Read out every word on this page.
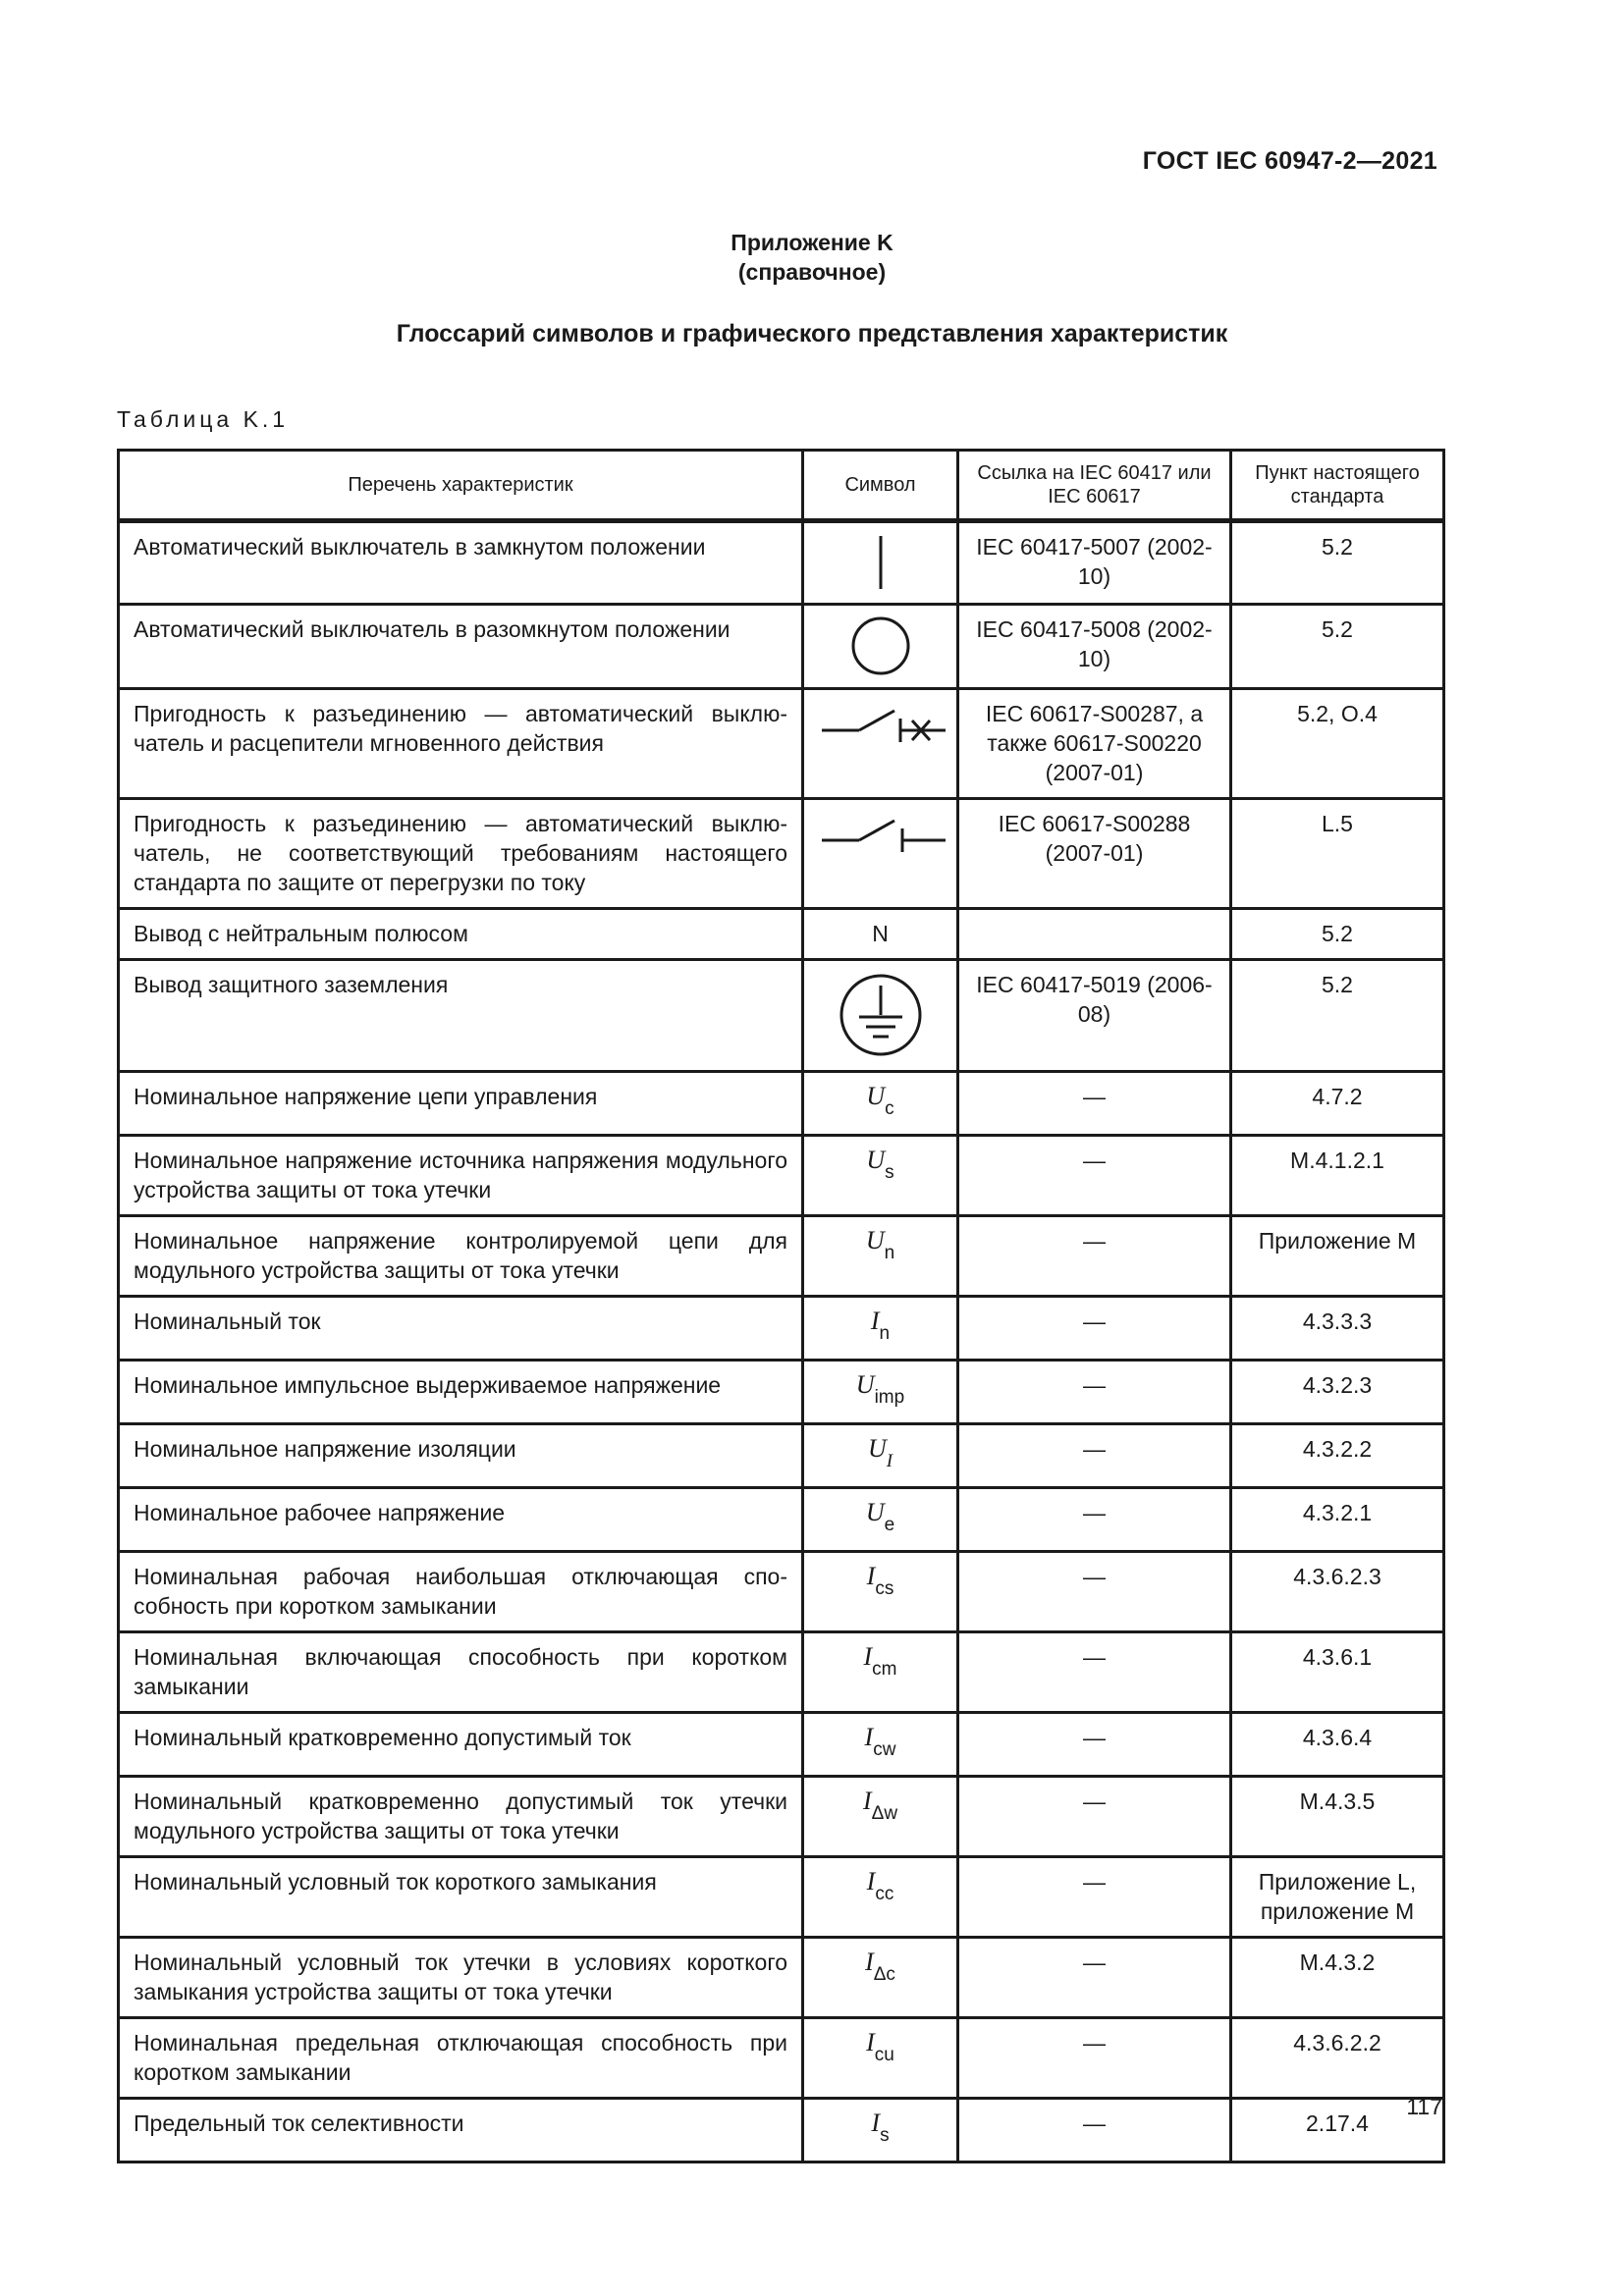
ГОСТ IEC 60947-2—2021
Приложение K
(справочное)
Глоссарий символов и графического представления характеристик
Таблица K.1
Перечень характеристик	Символ	Ссылка на IEC 60417 или IEC 60617	Пункт настоящего стандарта
Автоматический выключатель в замкнутом положении		IEC 60417-5007 (2002-10)	5.2
Автоматический выключатель в разомкнутом положении		IEC 60417-5008 (2002-10)	5.2
Пригодность к разъединению — автоматический выключатель и расцепители мгновенного действия		IEC 60617-S00287, а также 60617-S00220 (2007-01)	5.2, O.4
Пригодность к разъединению — автоматический выключатель, не соответствующий требованиям настоящего стандарта по защите от перегрузки по току		IEC 60617-S00288 (2007-01)	L.5
Вывод с нейтральным полюсом	N		5.2
Вывод защитного заземления		IEC 60417-5019 (2006-08)	5.2
Номинальное напряжение цепи управления	$U_c$	—	4.7.2
Номинальное напряжение источника напряжения модульного устройства защиты от тока утечки	$U_s$	—	M.4.1.2.1
Номинальное напряжение контролируемой цепи для модульного устройства защиты от тока утечки	$U_n$	—	Приложение M
Номинальный ток	$I_n$	—	4.3.3.3
Номинальное импульсное выдерживаемое напряжение	$U_{imp}$	—	4.3.2.3
Номинальное напряжение изоляции	$U_I$	—	4.3.2.2
Номинальное рабочее напряжение	$U_e$	—	4.3.2.1
Номинальная рабочая наибольшая отключающая способность при коротком замыкании	$I_{cs}$	—	4.3.6.2.3
Номинальная включающая способность при коротком замыкании	$I_{cm}$	—	4.3.6.1
Номинальный кратковременно допустимый ток	$I_{cw}$	—	4.3.6.4
Номинальный кратковременно допустимый ток утечки модульного устройства защиты от тока утечки	$I_{\Delta w}$	—	M.4.3.5
Номинальный условный ток короткого замыкания	$I_{cc}$	—	Приложение L, приложение M
Номинальный условный ток утечки в условиях короткого замыкания устройства защиты от тока утечки	$I_{\Delta c}$	—	M.4.3.2
Номинальная предельная отключающая способность при коротком замыкании	$I_{cu}$	—	4.3.6.2.2
Предельный ток селективности	$I_s$	—	2.17.4
117
